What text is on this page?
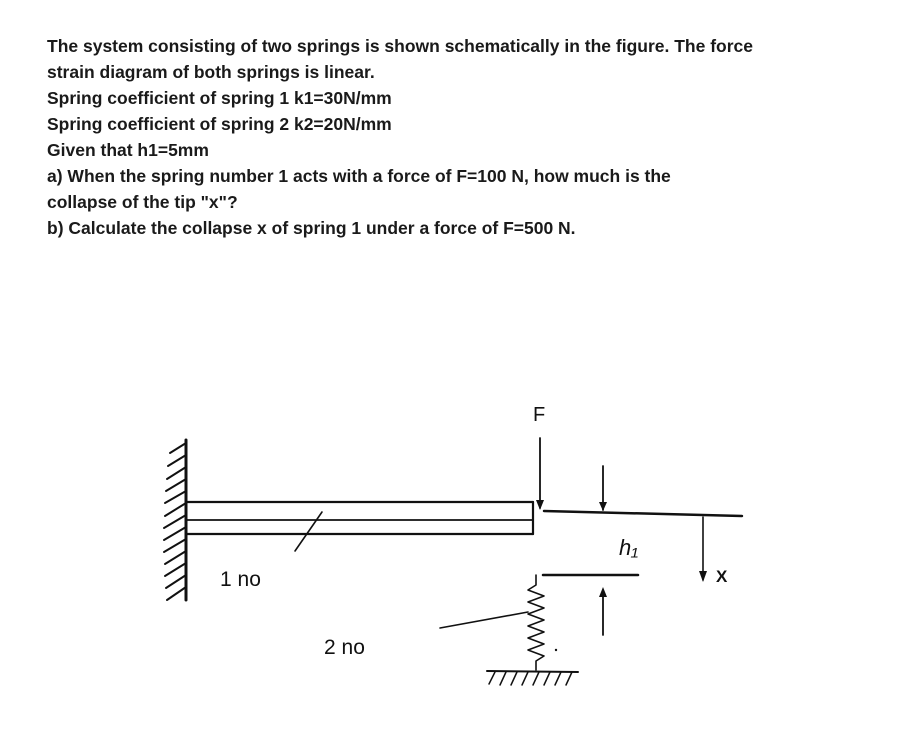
The system consisting of two springs is shown schematically in the figure. The force
strain diagram of both springs is linear.
Spring coefficient of spring 1 k1=30N/mm
Spring coefficient of spring 2 k2=20N/mm
Given that h1=5mm
a) When the spring number 1 acts with a force of F=100 N, how much is the
collapse of the tip "x"?
b) Calculate the collapse x of spring 1 under a force of F=500 N.
F
1 no
2 no
h₁
X
